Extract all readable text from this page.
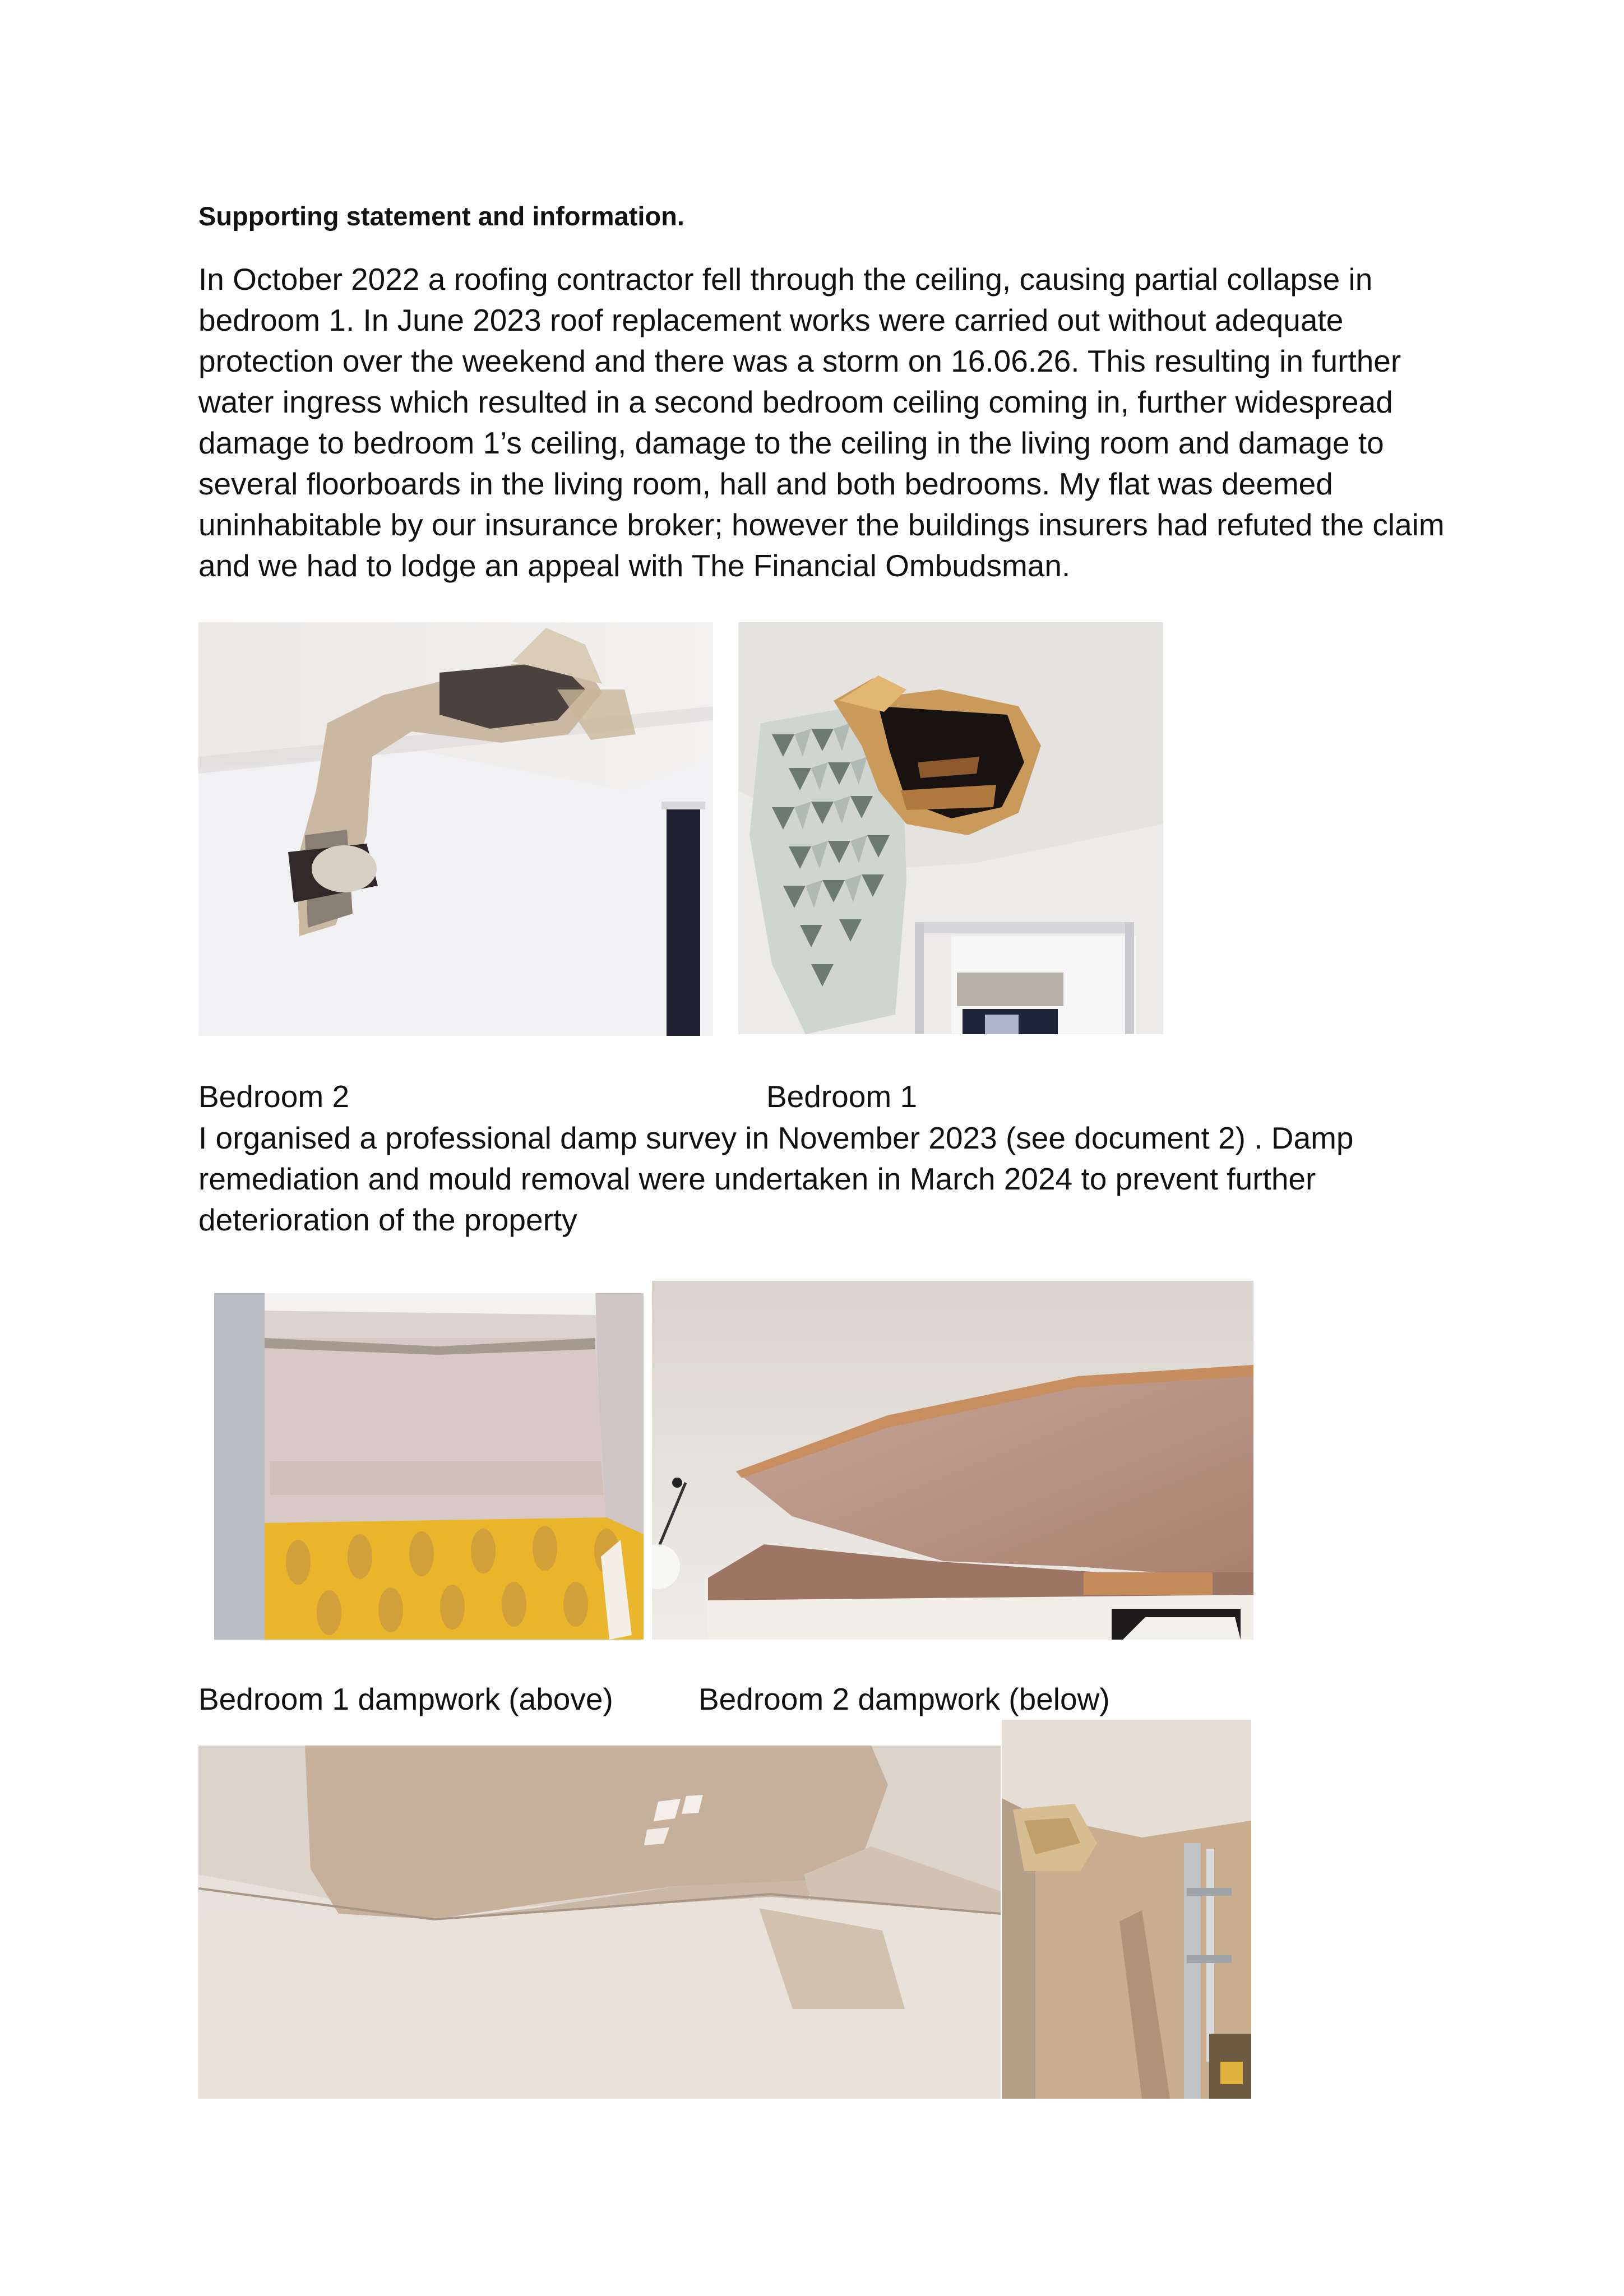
Supporting statement and information.
In October 2022 a roofing contractor fell through the ceiling, causing partial collapse in
bedroom 1. In June 2023 roof replacement works were carried out without adequate
protection over the weekend and there was a storm on 16.06.26. This resulting in further
water ingress which resulted in a second bedroom ceiling coming in, further widespread
damage to bedroom 1’s ceiling, damage to the ceiling in the living room and damage to
several floorboards in the living room, hall and both bedrooms. My flat was deemed
uninhabitable by our insurance broker; however the buildings insurers had refuted the claim
and we had to lodge an appeal with The Financial Ombudsman.
Bedroom 2	Bedroom 1
I organised a professional damp survey in November 2023 (see document 2) . Damp
remediation and mould removal were undertaken in March 2024 to prevent further
deterioration of the property
Bedroom 1 dampwork (above)	Bedroom 2 dampwork (below)
